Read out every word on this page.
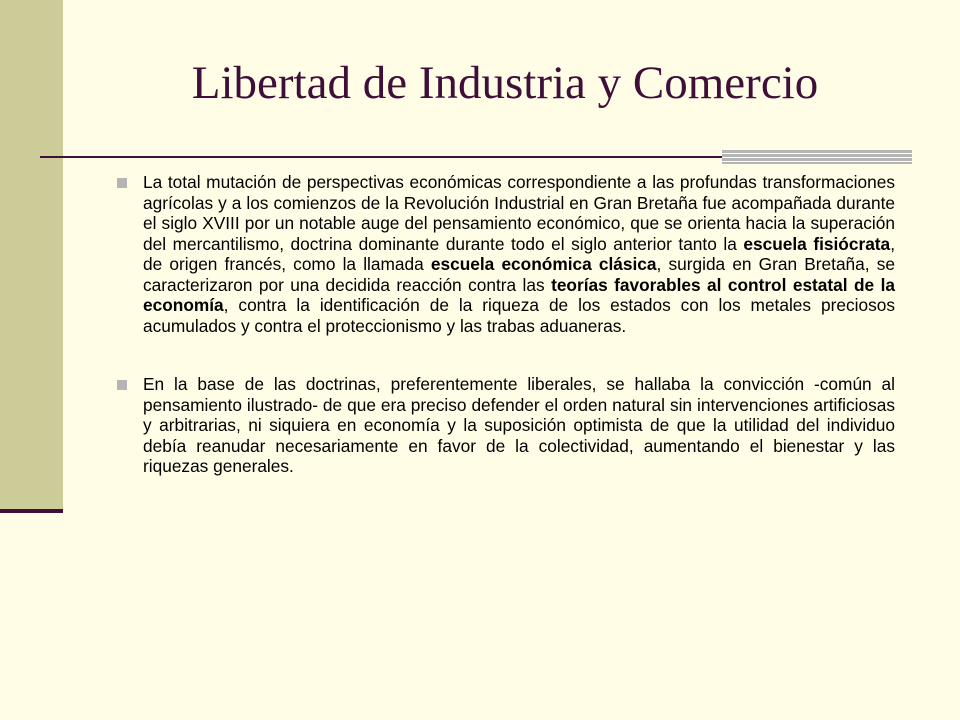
Libertad de Industria y Comercio
La total mutación de perspectivas económicas correspondiente a las profundas transformaciones agrícolas y a los comienzos de la Revolución Industrial en Gran Bretaña fue acompañada durante el siglo XVIII por un notable auge del pensamiento económico, que se orienta hacia la superación del mercantilismo, doctrina dominante durante todo el siglo anterior tanto la escuela fisiócrata, de origen francés, como la llamada escuela económica clásica, surgida en Gran Bretaña, se caracterizaron por una decidida reacción contra las teorías favorables al control estatal de la economía, contra la identificación de la riqueza de los estados con los metales preciosos acumulados y contra el proteccionismo y las trabas aduaneras.
En la base de las doctrinas, preferentemente liberales, se hallaba la convicción -común al pensamiento ilustrado- de que era preciso defender el orden natural sin intervenciones artificiosas y arbitrarias, ni siquiera en economía y la suposición optimista de que la utilidad del individuo debía reanudar necesariamente en favor de la colectividad, aumentando el bienestar y las riquezas generales.
